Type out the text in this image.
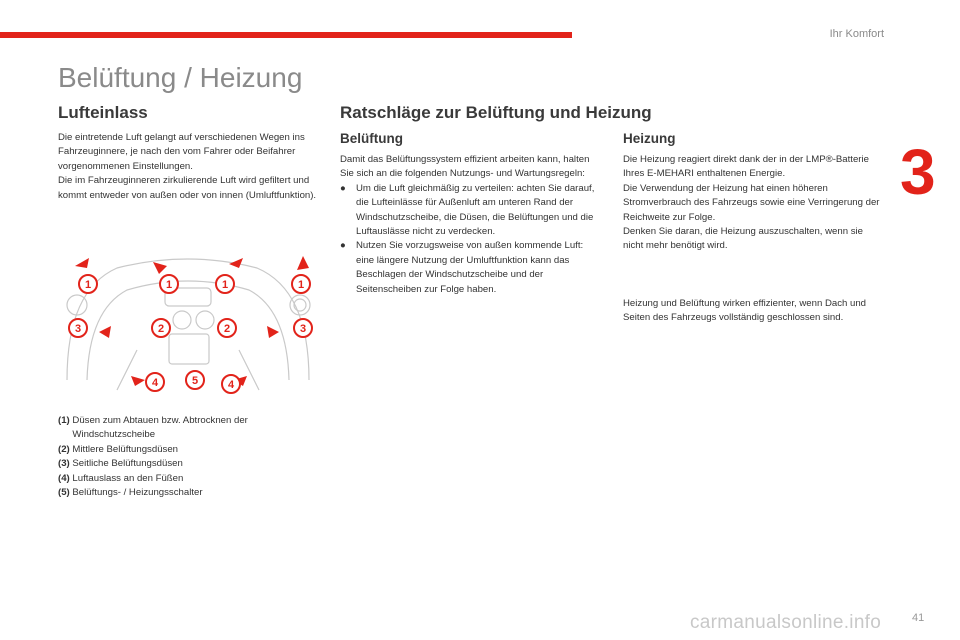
Ihr Komfort
3
Belüftung / Heizung
Lufteinlass

Die eintretende Luft gelangt auf verschiedenen Wegen ins Fahrzeuginnere, je nach den vom Fahrer oder Beifahrer vorgenommenen Einstellungen.

Die im Fahrzeuginneren zirkulierende Luft wird gefiltert und kommt entweder von außen oder von innen (Umluftfunktion).

1	1	1	1
2	2
3	3
4	4
5
(1)
Düsen zum Abtauen bzw. Abtrocknen der Windschutzscheibe
(2)
Mittlere Belüftungsdüsen
(3)
Seitliche Belüftungsdüsen
(4)
Luftauslass an den Füßen
(5)
Belüftungs- / Heizungsschalter
Ratschläge zur Belüftung und Heizung
Belüftung

Damit das Belüftungssystem effizient arbeiten kann, halten Sie sich an die folgenden Nutzungs- und Wartungsregeln:

●	Um die Luft gleichmäßig zu verteilen: achten Sie darauf, die Lufteinlässe für Außenluft am unteren Rand der Windschutzscheibe, die Düsen, die Belüftungen und die Luftauslässe nicht zu verdecken.
●	Nutzen Sie vorzugsweise von außen kommende Luft: eine längere Nutzung der Umluftfunktion kann das Beschlagen der Windschutzscheibe und der Seitenscheiben zur Folge haben.
Heizung

Die Heizung reagiert direkt dank der in der LMP®-Batterie Ihres E-MEHARI enthaltenen Energie.

Die Verwendung der Heizung hat einen höheren Stromverbrauch des Fahrzeugs sowie eine Verringerung der Reichweite zur Folge.

Denken Sie daran, die Heizung auszuschalten, wenn sie nicht mehr benötigt wird.

Heizung und Belüftung wirken effizienter, wenn Dach und Seiten des Fahrzeugs vollständig geschlossen sind.

carmanualsonline.info	41
